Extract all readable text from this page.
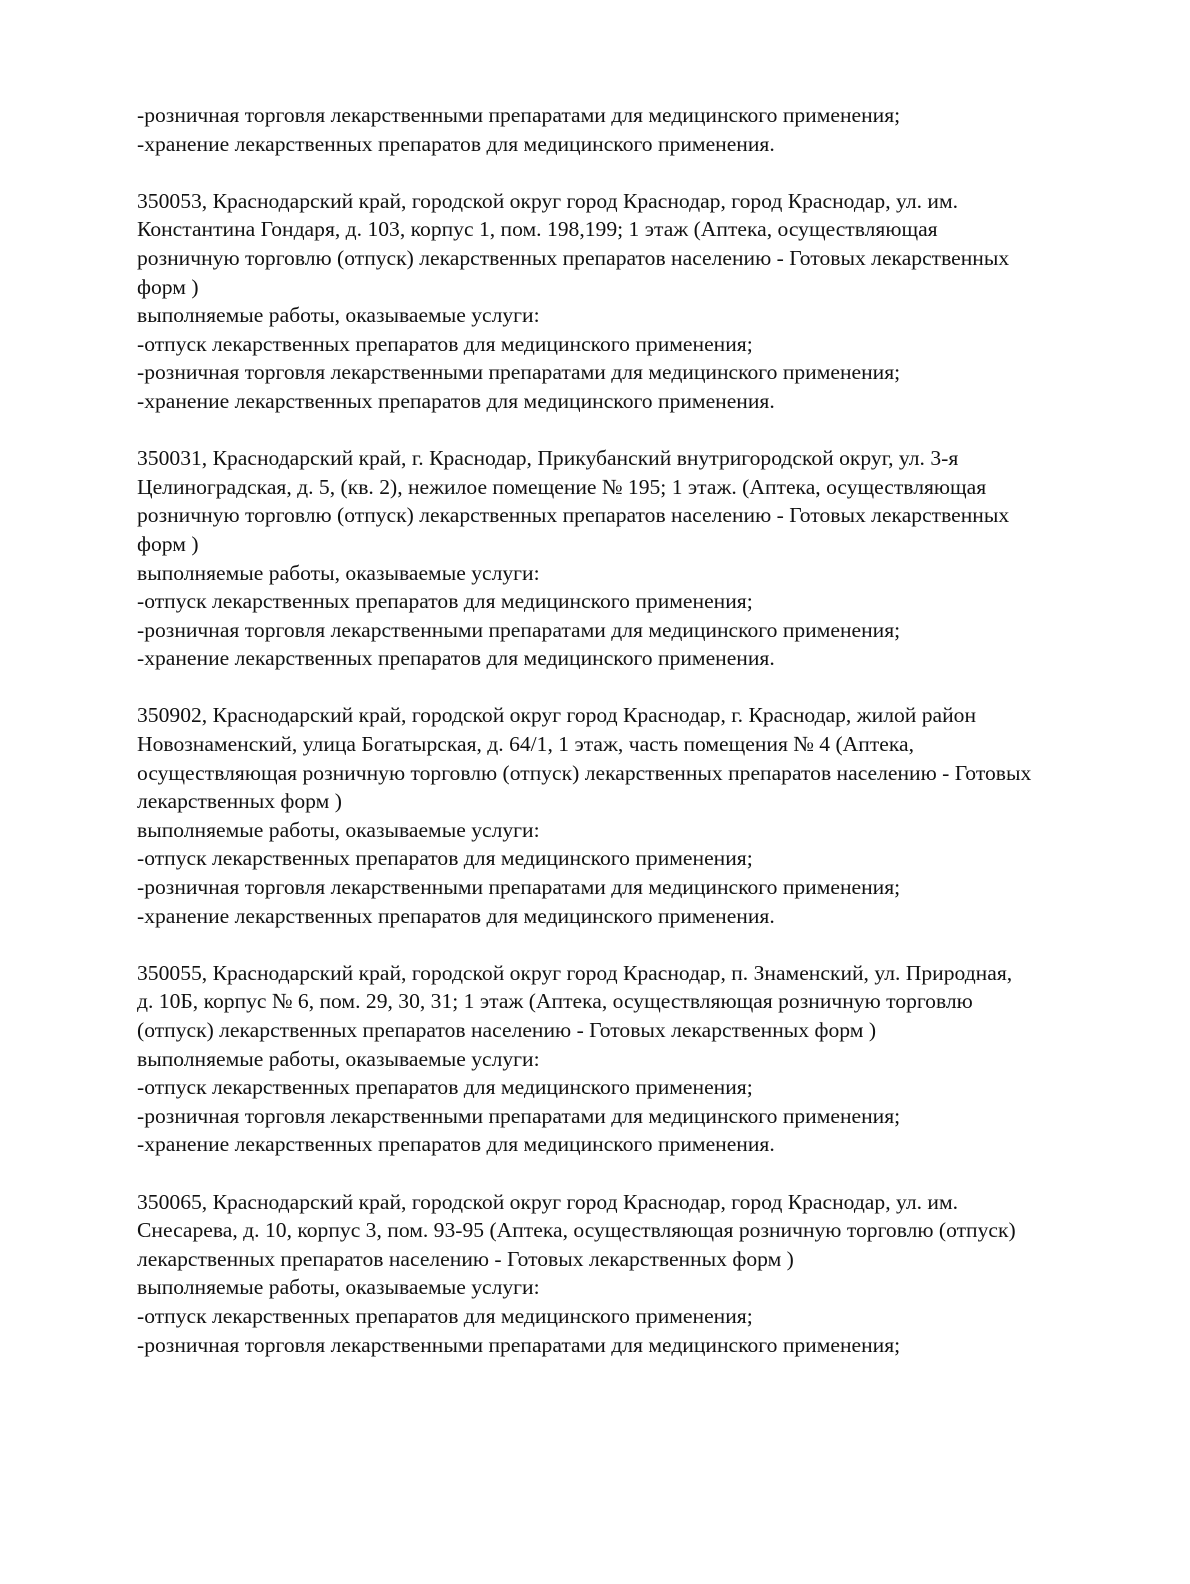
-розничная торговля лекарственными препаратами для медицинского применения;
-хранение лекарственных препаратов для медицинского применения.
350053, Краснодарский край, городской округ город Краснодар, город Краснодар, ул. им.
Константина Гондаря, д. 103, корпус 1, пом. 198,199; 1 этаж (Аптека, осуществляющая
розничную торговлю (отпуск) лекарственных препаратов населению - Готовых лекарственных
форм )
выполняемые работы, оказываемые услуги:
-отпуск лекарственных препаратов для медицинского применения;
-розничная торговля лекарственными препаратами для медицинского применения;
-хранение лекарственных препаратов для медицинского применения.
350031, Краснодарский край, г. Краснодар, Прикубанский внутригородской округ, ул. 3-я
Целиноградская, д. 5, (кв. 2), нежилое помещение № 195; 1 этаж. (Аптека, осуществляющая
розничную торговлю (отпуск) лекарственных препаратов населению - Готовых лекарственных
форм )
выполняемые работы, оказываемые услуги:
-отпуск лекарственных препаратов для медицинского применения;
-розничная торговля лекарственными препаратами для медицинского применения;
-хранение лекарственных препаратов для медицинского применения.
350902, Краснодарский край, городской округ город Краснодар, г. Краснодар, жилой район
Новознаменский, улица Богатырская, д. 64/1, 1 этаж, часть помещения № 4 (Аптека,
осуществляющая розничную торговлю (отпуск) лекарственных препаратов населению - Готовых
лекарственных форм )
выполняемые работы, оказываемые услуги:
-отпуск лекарственных препаратов для медицинского применения;
-розничная торговля лекарственными препаратами для медицинского применения;
-хранение лекарственных препаратов для медицинского применения.
350055, Краснодарский край, городской округ город Краснодар, п. Знаменский, ул. Природная,
д. 10Б, корпус № 6, пом. 29, 30, 31; 1 этаж (Аптека, осуществляющая розничную торговлю
(отпуск) лекарственных препаратов населению - Готовых лекарственных форм )
выполняемые работы, оказываемые услуги:
-отпуск лекарственных препаратов для медицинского применения;
-розничная торговля лекарственными препаратами для медицинского применения;
-хранение лекарственных препаратов для медицинского применения.
350065, Краснодарский край, городской округ город Краснодар, город Краснодар, ул. им.
Снесарева, д. 10, корпус 3, пом. 93-95 (Аптека, осуществляющая розничную торговлю (отпуск)
лекарственных препаратов населению - Готовых лекарственных форм )
выполняемые работы, оказываемые услуги:
-отпуск лекарственных препаратов для медицинского применения;
-розничная торговля лекарственными препаратами для медицинского применения;
